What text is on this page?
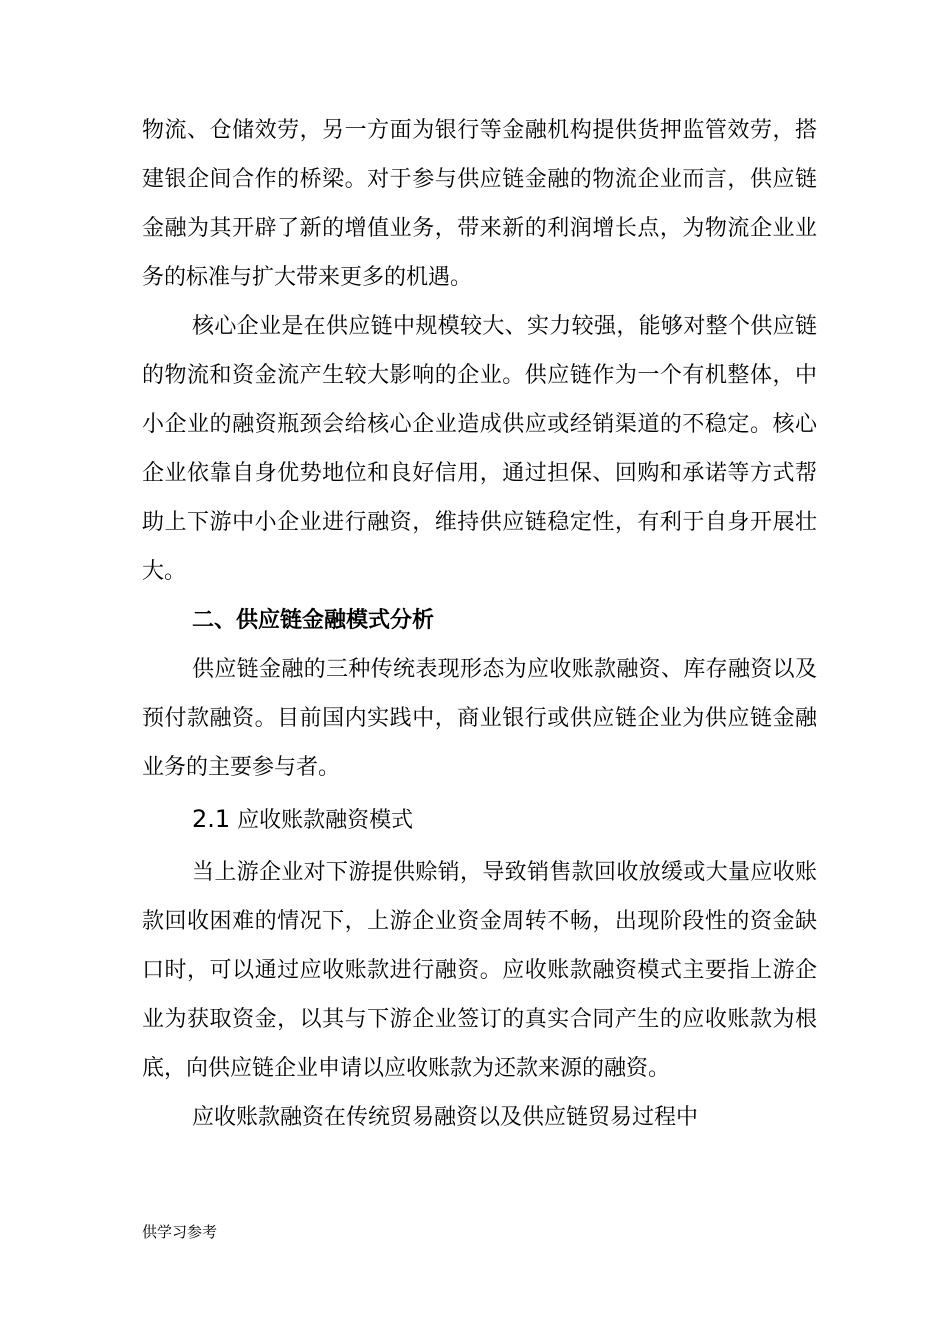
物流、仓储效劳，另一方面为银行等金融机构提供货押监管效劳，搭建银企间合作的桥梁。对于参与供应链金融的物流企业而言，供应链金融为其开辟了新的增值业务，带来新的利润增长点，为物流企业业务的标准与扩大带来更多的机遇。

核心企业是在供应链中规模较大、实力较强，能够对整个供应链的物流和资金流产生较大影响的企业。供应链作为一个有机整体，中小企业的融资瓶颈会给核心企业造成供应或经销渠道的不稳定。核心企业依靠自身优势地位和良好信用，通过担保、回购和承诺等方式帮助上下游中小企业进行融资，维持供应链稳定性，有利于自身开展壮大。

二、供应链金融模式分析

供应链金融的三种传统表现形态为应收账款融资、库存融资以及预付款融资。目前国内实践中，商业银行或供应链企业为供应链金融业务的主要参与者。

2.1 应收账款融资模式

当上游企业对下游提供赊销，导致销售款回收放缓或大量应收账款回收困难的情况下，上游企业资金周转不畅，出现阶段性的资金缺口时，可以通过应收账款进行融资。应收账款融资模式主要指上游企业为获取资金，以其与下游企业签订的真实合同产生的应收账款为根底，向供应链企业申请以应收账款为还款来源的融资。

应收账款融资在传统贸易融资以及供应链贸易过程中

供学习参考
